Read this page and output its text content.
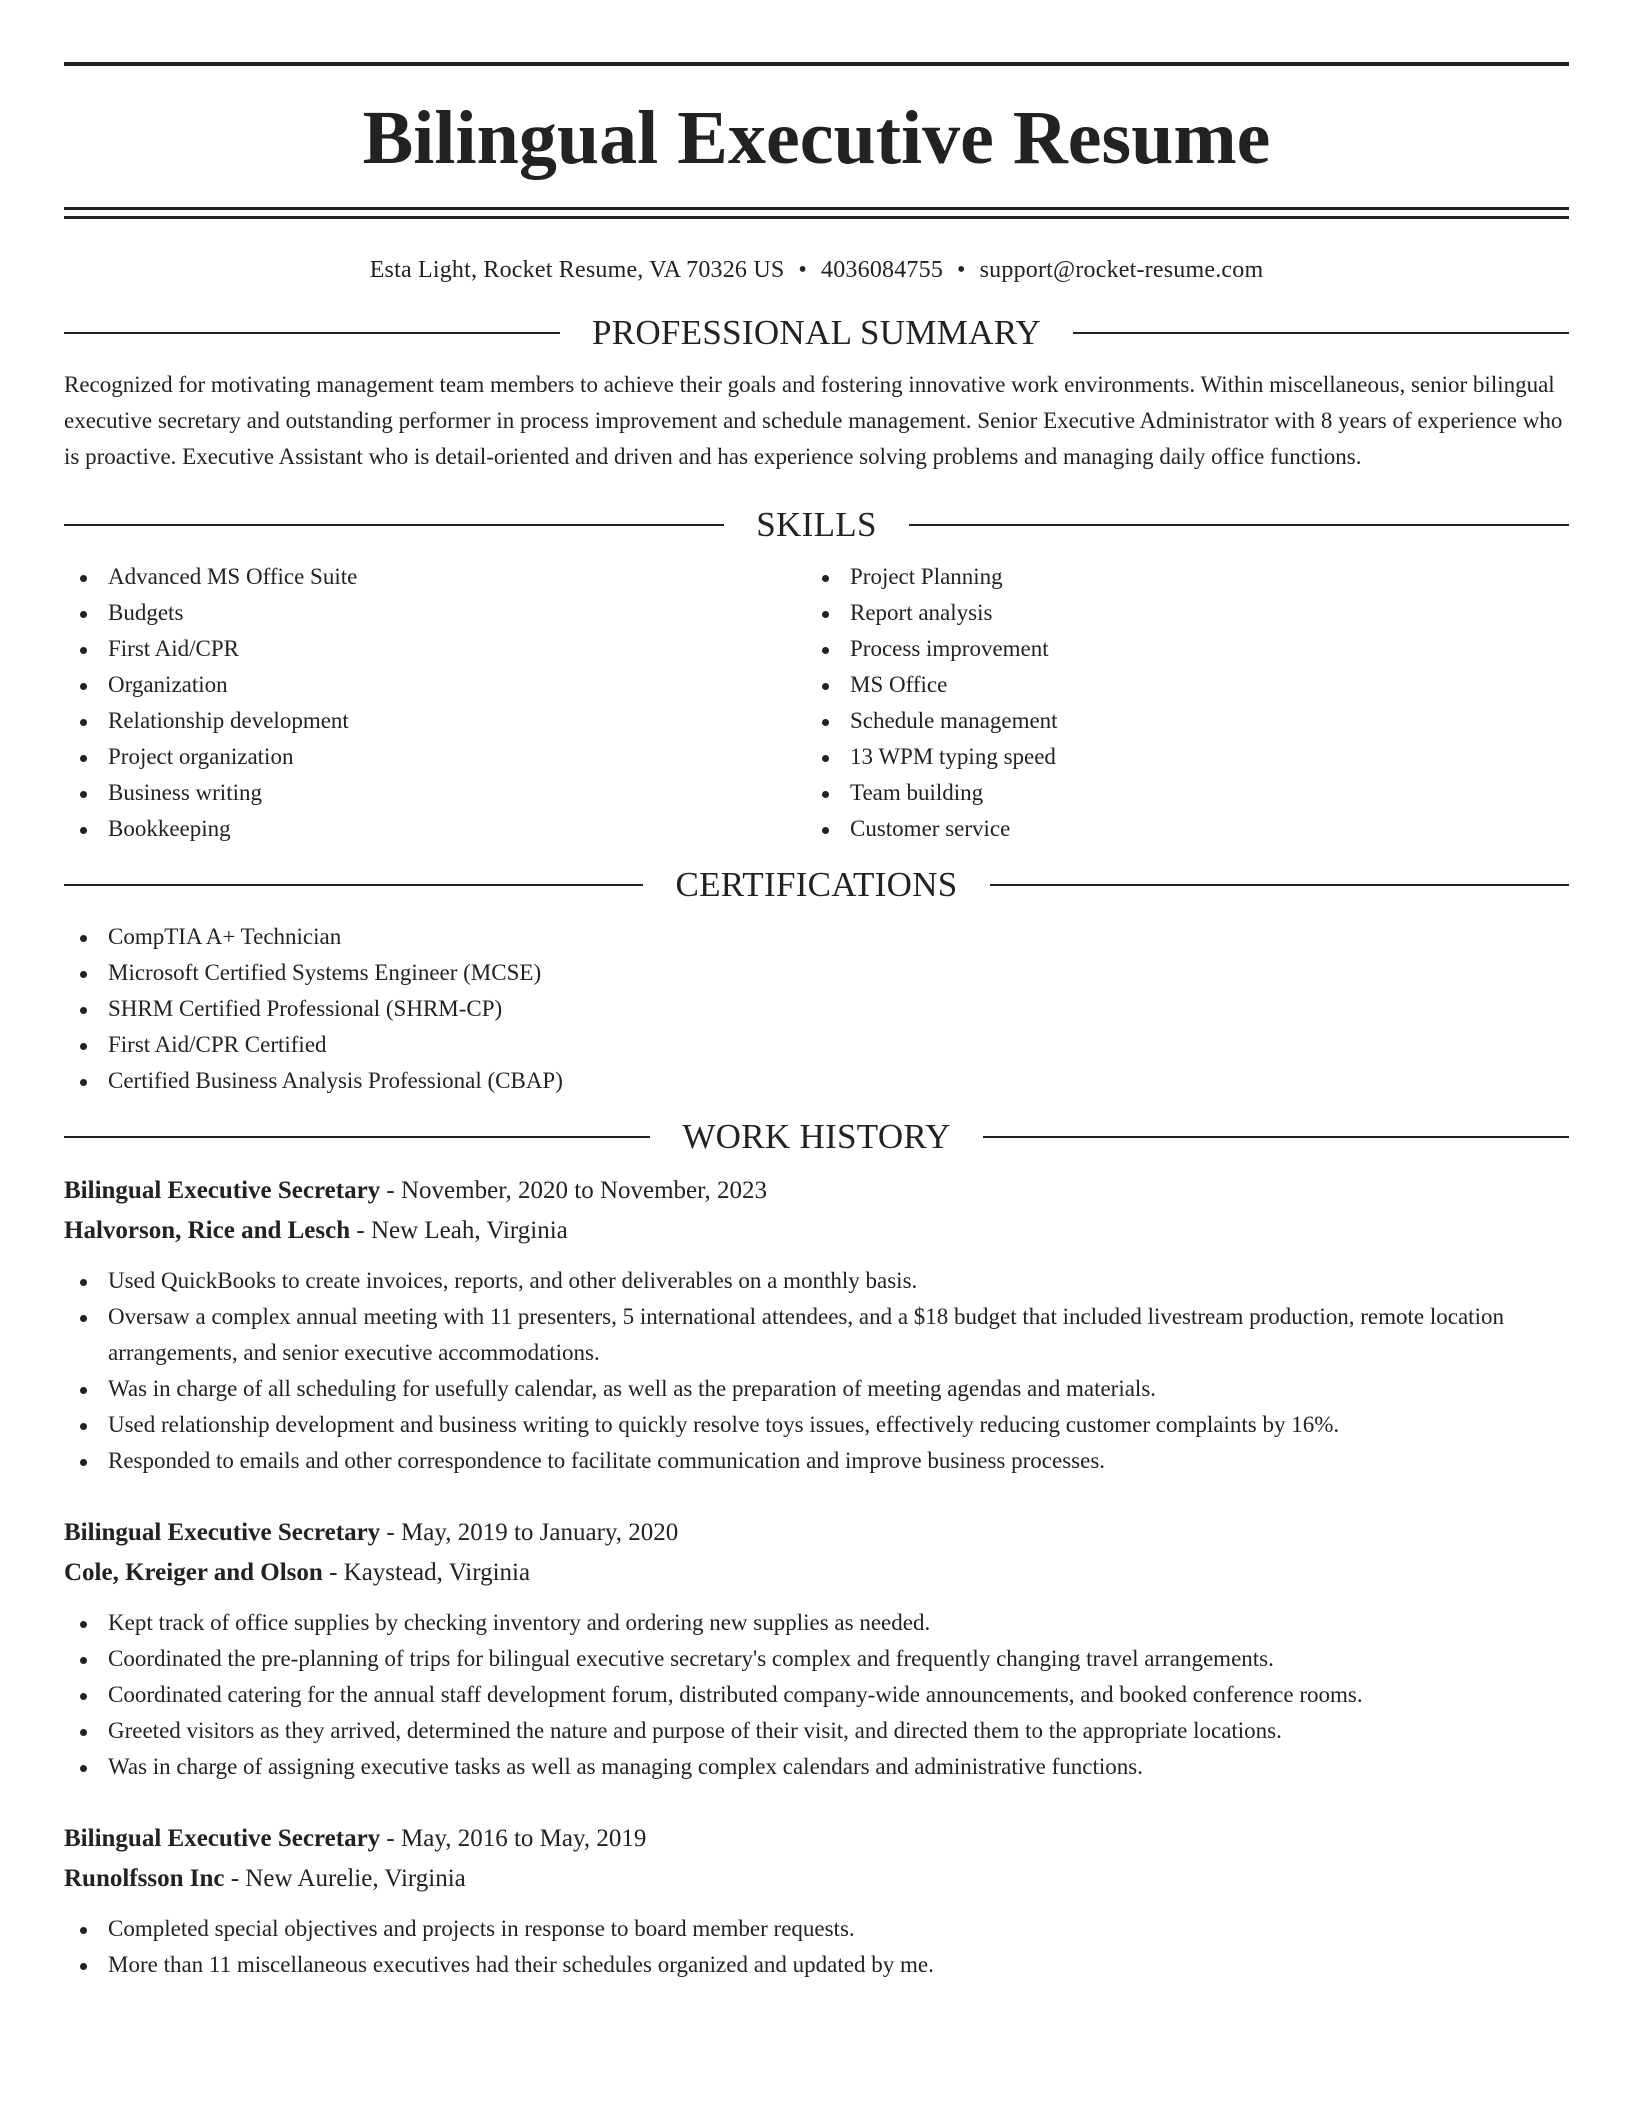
Bilingual Executive Resume
Esta Light, Rocket Resume, VA 70326 US • 4036084755 • support@rocket-resume.com
PROFESSIONAL SUMMARY

Recognized for motivating management team members to achieve their goals and fostering innovative work environments. Within miscellaneous, senior bilingual executive secretary and outstanding performer in process improvement and schedule management. Senior Executive Administrator with 8 years of experience who is proactive. Executive Assistant who is detail-oriented and driven and has experience solving problems and managing daily office functions.

SKILLS
Advanced MS Office Suite
Budgets
First Aid/CPR
Organization
Relationship development
Project organization
Business writing
Bookkeeping
Project Planning
Report analysis
Process improvement
MS Office
Schedule management
13 WPM typing speed
Team building
Customer service
CERTIFICATIONS
CompTIA A+ Technician
Microsoft Certified Systems Engineer (MCSE)
SHRM Certified Professional (SHRM-CP)
First Aid/CPR Certified
Certified Business Analysis Professional (CBAP)
WORK HISTORY
Bilingual Executive Secretary - November, 2020 to November, 2023
Halvorson, Rice and Lesch - New Leah, Virginia
Used QuickBooks to create invoices, reports, and other deliverables on a monthly basis.
Oversaw a complex annual meeting with 11 presenters, 5 international attendees, and a $18 budget that included livestream production, remote location arrangements, and senior executive accommodations.
Was in charge of all scheduling for usefully calendar, as well as the preparation of meeting agendas and materials.
Used relationship development and business writing to quickly resolve toys issues, effectively reducing customer complaints by 16%.
Responded to emails and other correspondence to facilitate communication and improve business processes.
Bilingual Executive Secretary - May, 2019 to January, 2020
Cole, Kreiger and Olson - Kaystead, Virginia
Kept track of office supplies by checking inventory and ordering new supplies as needed.
Coordinated the pre-planning of trips for bilingual executive secretary's complex and frequently changing travel arrangements.
Coordinated catering for the annual staff development forum, distributed company-wide announcements, and booked conference rooms.
Greeted visitors as they arrived, determined the nature and purpose of their visit, and directed them to the appropriate locations.
Was in charge of assigning executive tasks as well as managing complex calendars and administrative functions.
Bilingual Executive Secretary - May, 2016 to May, 2019
Runolfsson Inc - New Aurelie, Virginia
Completed special objectives and projects in response to board member requests.
More than 11 miscellaneous executives had their schedules organized and updated by me.
